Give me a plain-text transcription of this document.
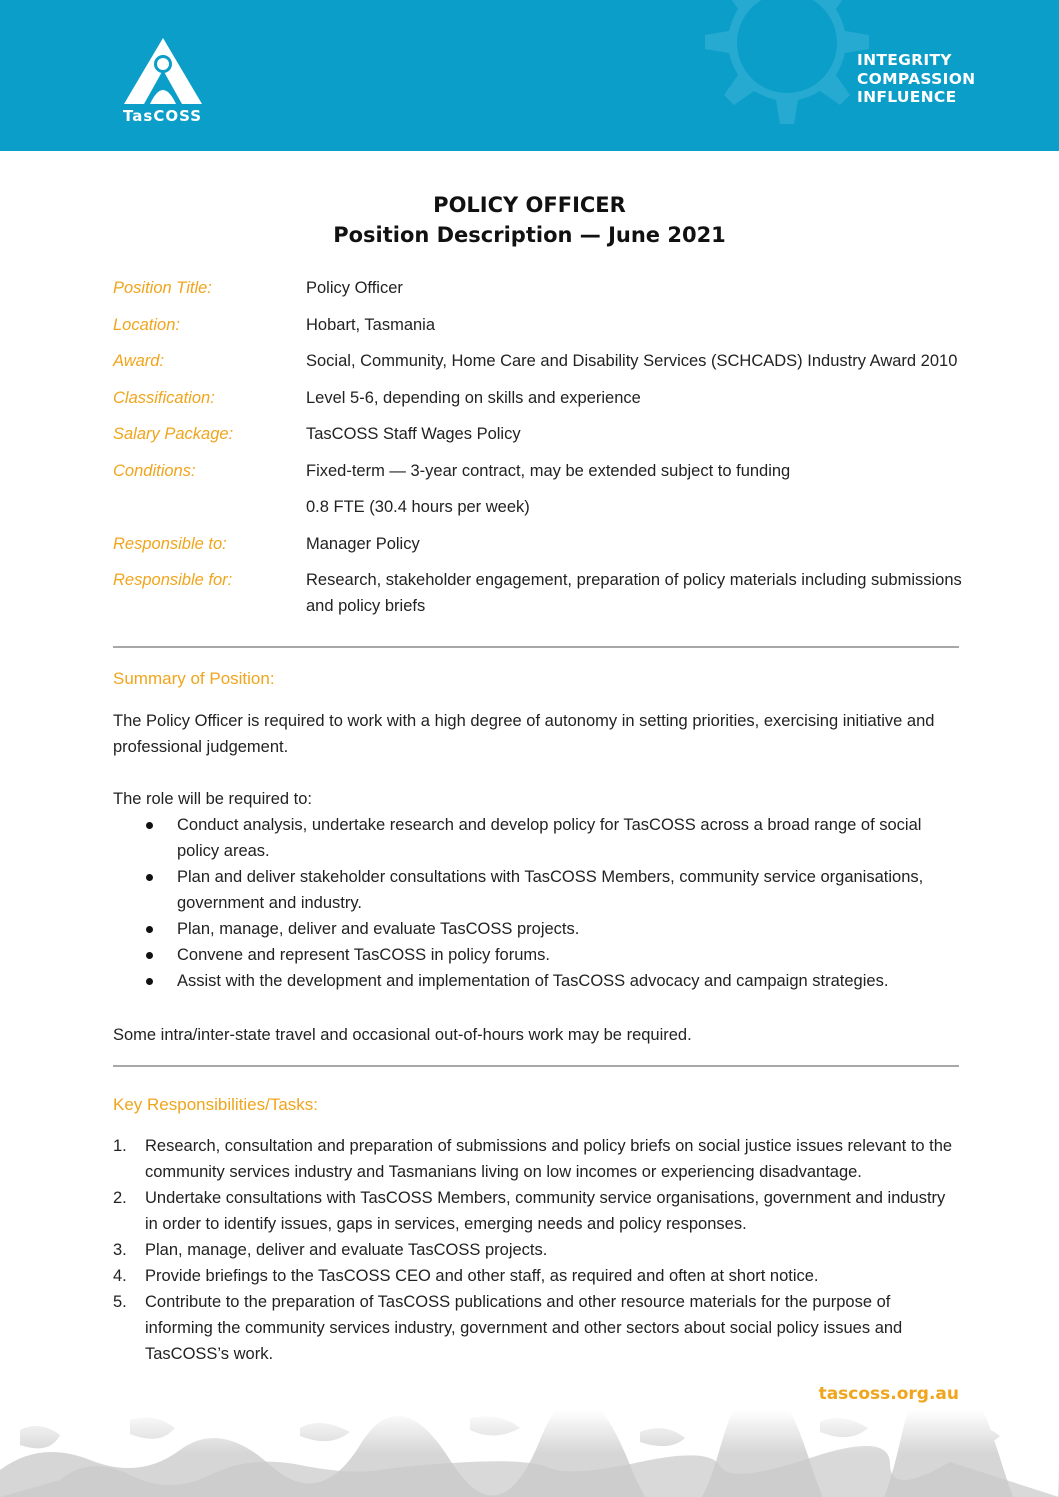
TasCOSS
INTEGRITY
COMPASSION
INFLUENCE
POLICY OFFICER
Position Description — June 2021
Position Title:	Policy Officer
Location:	Hobart, Tasmania
Award:	Social, Community, Home Care and Disability Services (SCHCADS) Industry Award 2010
Classification:	Level 5-6, depending on skills and experience
Salary Package:	TasCOSS Staff Wages Policy
Conditions:	Fixed-term — 3-year contract, may be extended subject to funding
0.8 FTE (30.4 hours per week)
Responsible to:	Manager Policy
Responsible for:	Research, stakeholder engagement, preparation of policy materials including submissions and policy briefs
Summary of Position:
The Policy Officer is required to work with a high degree of autonomy in setting priorities, exercising initiative and professional judgement.
The role will be required to:
Conduct analysis, undertake research and develop policy for TasCOSS across a broad range of social policy areas.
Plan and deliver stakeholder consultations with TasCOSS Members, community service organisations, government and industry.
Plan, manage, deliver and evaluate TasCOSS projects.
Convene and represent TasCOSS in policy forums.
Assist with the development and implementation of TasCOSS advocacy and campaign strategies.
Some intra/inter-state travel and occasional out-of-hours work may be required.
Key Responsibilities/Tasks:
1. Research, consultation and preparation of submissions and policy briefs on social justice issues relevant to the community services industry and Tasmanians living on low incomes or experiencing disadvantage.
2. Undertake consultations with TasCOSS Members, community service organisations, government and industry in order to identify issues, gaps in services, emerging needs and policy responses.
3. Plan, manage, deliver and evaluate TasCOSS projects.
4. Provide briefings to the TasCOSS CEO and other staff, as required and often at short notice.
5. Contribute to the preparation of TasCOSS publications and other resource materials for the purpose of informing the community services industry, government and other sectors about social policy issues and TasCOSS’s work.
tascoss.org.au
